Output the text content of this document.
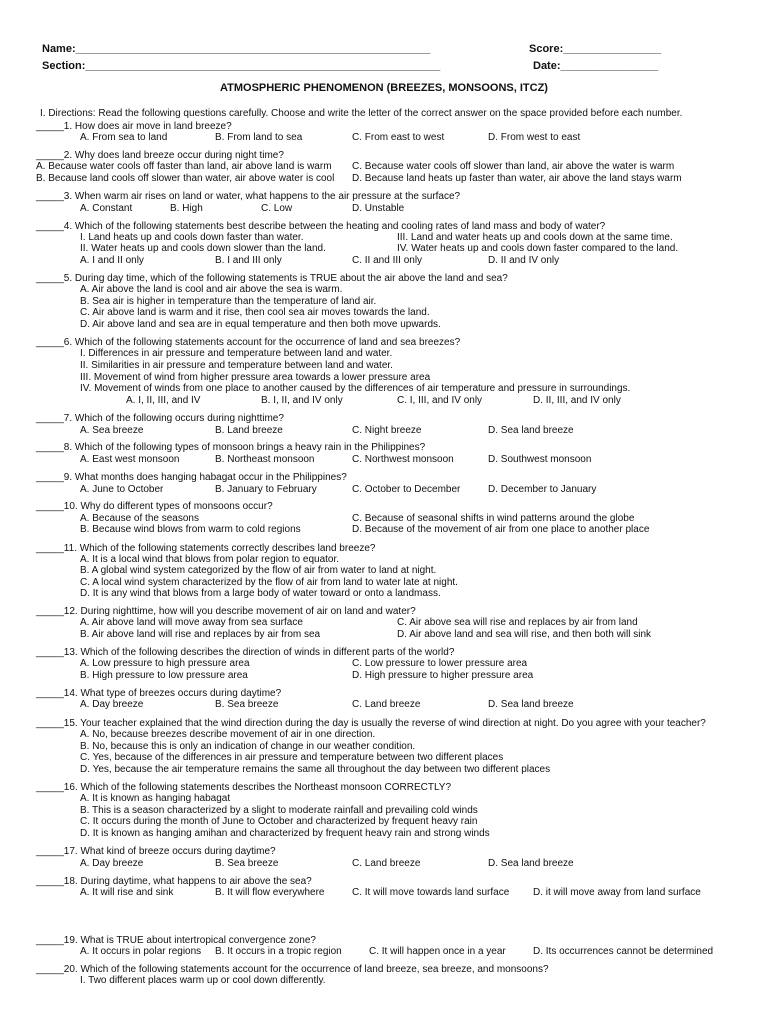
Name:__________________________________________________________	Score:________________
Section:__________________________________________________________	Date:________________
ATMOSPHERIC PHENOMENON (BREEZES, MONSOONS, ITCZ)
I. Directions: Read the following questions carefully. Choose and write the letter of the correct answer on the space provided before each number.
_____1. How does air move in land breeze?
A. From sea to land	B. From land to sea	C. From east to west	D. From west to east
_____2. Why does land breeze occur during night time?
A. Because water cools off faster than land, air above land is warm
B. Because land cools off slower than water, air above water is cool
C. Because water cools off slower than land, air above the water is warm
D. Because land heats up faster than water, air above the land stays warm
_____3. When warm air rises on land or water, what happens to the air pressure at the surface?
A. Constant	B. High	C. Low	D. Unstable
_____4. Which of the following statements best describe between the heating and cooling rates of land mass and body of water?
I. Land heats up and cools down faster than water.
II. Water heats up and cools down slower than the land.
III. Land and water heats up and cools down at the same time.
IV. Water heats up and cools down faster compared to the land.
A. I and II only	B. I and III only	C. II and III only	D. II and IV only
_____5. During day time, which of the following statements is TRUE about the air above the land and sea?
A. Air above the land is cool and air above the sea is warm.
B. Sea air is higher in temperature than the temperature of land air.
C. Air above land is warm and it rise, then cool sea air moves towards the land.
D. Air above land and sea are in equal temperature and then both move upwards.
_____6. Which of the following statements account for the occurrence of land and sea breezes?
I. Differences in air pressure and temperature between land and water.
II. Similarities in air pressure and temperature between land and water.
III. Movement of wind from higher pressure area towards a lower pressure area
IV. Movement of winds from one place to another caused by the differences of air temperature and pressure in surroundings.
A. I, II, III, and IV	B. I, II, and IV only	C. I, III, and IV only	D. II, III, and IV only
_____7. Which of the following occurs during nighttime?
A. Sea breeze	B. Land breeze	C. Night breeze	D. Sea land breeze
_____8. Which of the following types of monsoon brings a heavy rain in the Philippines?
A. East west monsoon	B. Northeast monsoon	C. Northwest monsoon	D. Southwest monsoon
_____9. What months does hanging habagat occur in the Philippines?
A. June to October	B. January to February	C. October to December	D. December to January
_____10. Why do different types of monsoons occur?
A. Because of the seasons
B. Because wind blows from warm to cold regions
C. Because of seasonal shifts in wind patterns around the globe
D. Because of the movement of air from one place to another place
_____11. Which of the following statements correctly describes land breeze?
A. It is a local wind that blows from polar region to equator.
B. A global wind system categorized by the flow of air from water to land at night.
C. A local wind system characterized by the flow of air from land to water late at night.
D. It is any wind that blows from a large body of water toward or onto a landmass.
_____12. During nighttime, how will you describe movement of air on land and water?
A. Air above land will move away from sea surface
B. Air above land will rise and replaces by air from sea
C. Air above sea will rise and replaces by air from land
D. Air above land and sea will rise, and then both will sink
_____13. Which of the following describes the direction of winds in different parts of the world?
A. Low pressure to high pressure area
B. High pressure to low pressure area
C. Low pressure to lower pressure area
D. High pressure to higher pressure area
_____14. What type of breezes occurs during daytime?
A. Day breeze	B. Sea breeze	C. Land breeze	D. Sea land breeze
_____15. Your teacher explained that the wind direction during the day is usually the reverse of wind direction at night. Do you agree with your teacher?
A. No, because breezes describe movement of air in one direction.
B. No, because this is only an indication of change in our weather condition.
C. Yes, because of the differences in air pressure and temperature between two different places
D. Yes, because the air temperature remains the same all throughout the day between two different places
_____16. Which of the following statements describes the Northeast monsoon CORRECTLY?
A. It is known as hanging habagat
B. This is a season characterized by a slight to moderate rainfall and prevailing cold winds
C. It occurs during the month of June to October and characterized by frequent heavy rain
D. It is known as hanging amihan and characterized by frequent heavy rain and strong winds
_____17. What kind of breeze occurs during daytime?
A. Day breeze	B. Sea breeze	C. Land breeze	D. Sea land breeze
_____18. During daytime, what happens to air above the sea?
A. It will rise and sink	B. It will flow everywhere	C. It will move towards land surface D. it will move away from land surface
_____19. What is TRUE about intertropical convergence zone?
A. It occurs in polar regions B. It occurs in a tropic region	C. It will happen once in a year	D. Its occurrences cannot be determined
_____20. Which of the following statements account for the occurrence of land breeze, sea breeze, and monsoons?
I. Two different places warm up or cool down differently.
